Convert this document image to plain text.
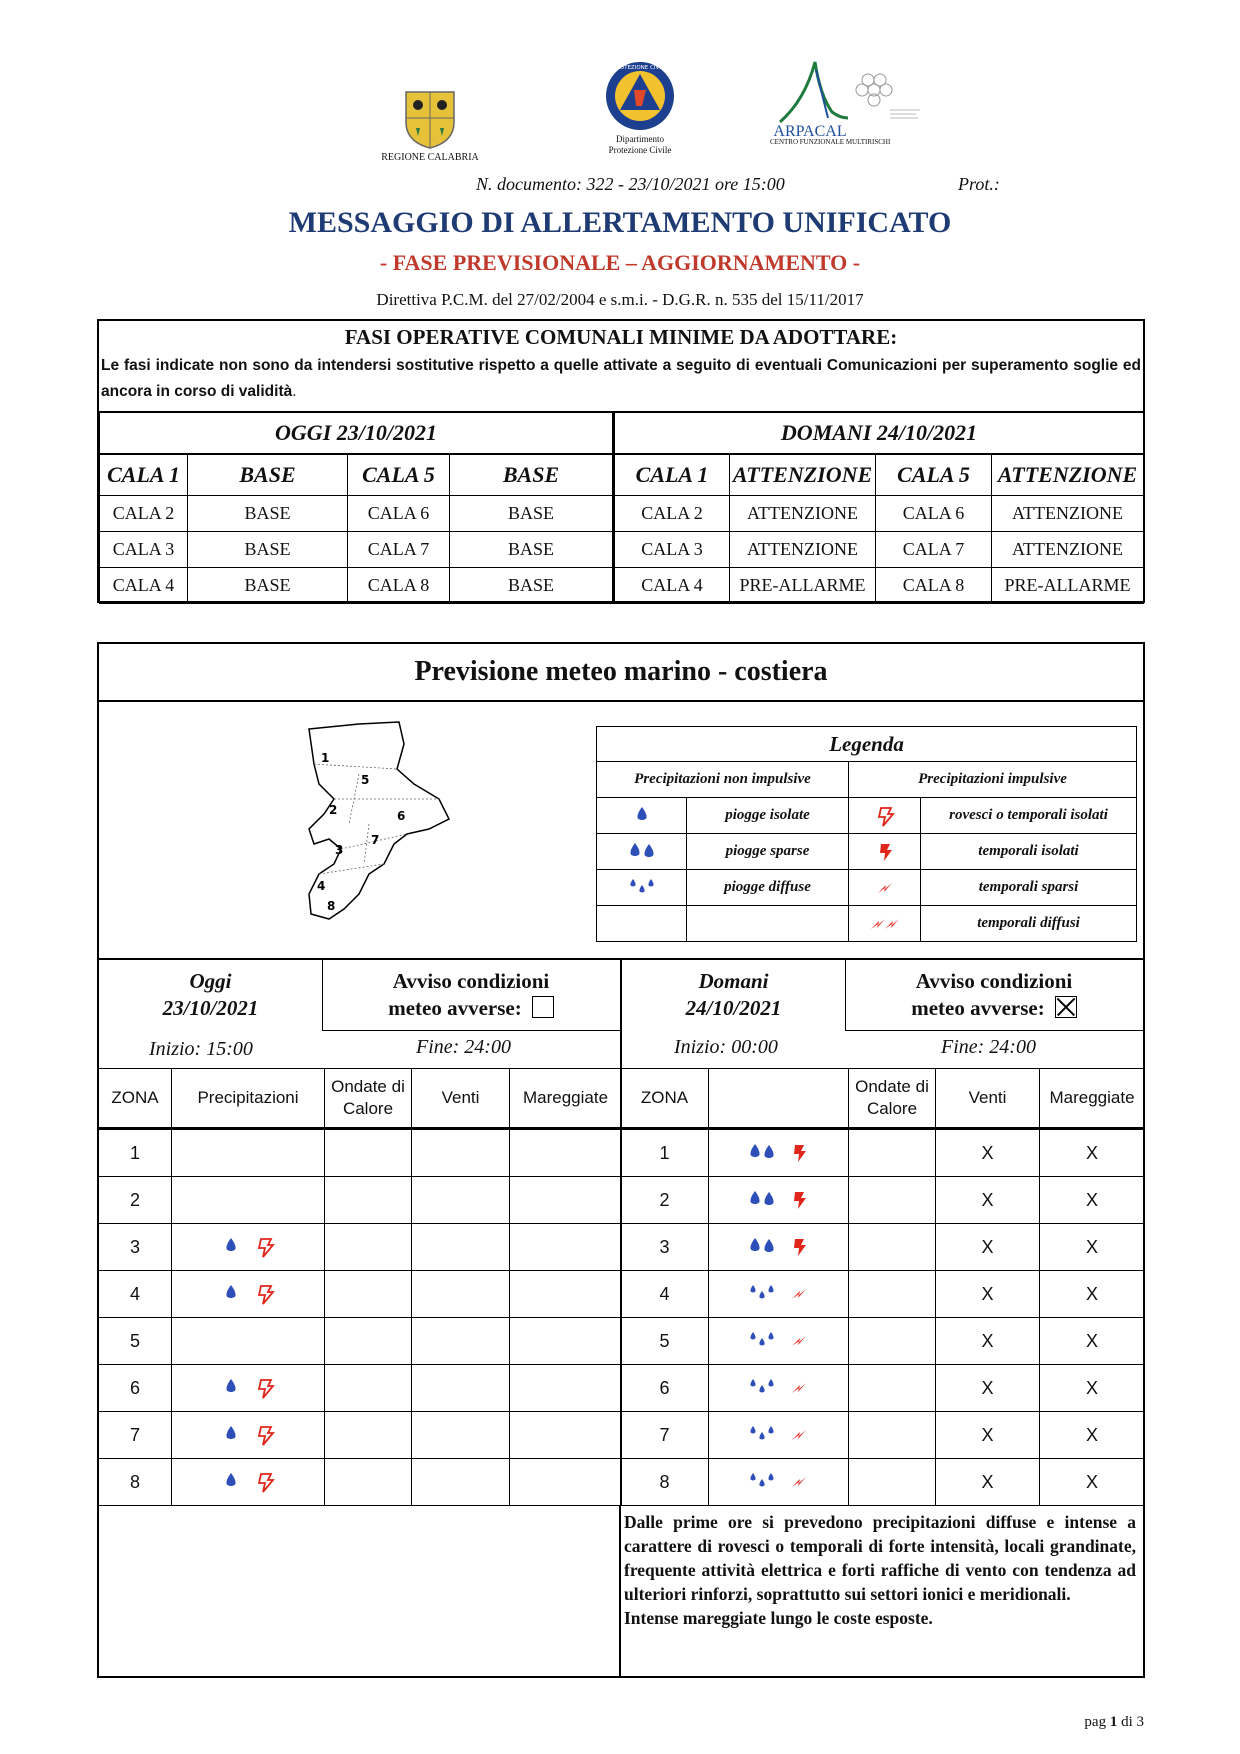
REGIONE CALABRIA
PROTEZIONE CIVILE
Dipartimento
Protezione Civile
ARPACAL
CENTRO FUNZIONALE MULTIRISCHI
N. documento: 322 - 23/10/2021 ore 15:00	Prot.:
MESSAGGIO DI ALLERTAMENTO UNIFICATO
- FASE PREVISIONALE – AGGIORNAMENTO -
Direttiva P.C.M. del 27/02/2004 e s.m.i. - D.G.R. n. 535 del 15/11/2017
FASI OPERATIVE COMUNALI MINIME DA ADOTTARE:
Le fasi indicate non sono da intendersi sostitutive rispetto a quelle attivate a seguito di eventuali Comunicazioni per superamento soglie ed ancora in corso di validità.
OGGI 23/10/2021				DOMANI 24/10/2021			
CALA 1	BASE	CALA 5	BASE	CALA 1	ATTENZIONE	CALA 5	ATTENZIONE
CALA 2	BASE	CALA 6	BASE	CALA 2	ATTENZIONE	CALA 6	ATTENZIONE
CALA 3	BASE	CALA 7	BASE	CALA 3	ATTENZIONE	CALA 7	ATTENZIONE
CALA 4	BASE	CALA 8	BASE	CALA 4	PRE-ALLARME	CALA 8	PRE-ALLARME
Previsione meteo marino - costiera
1
2
3
4
5
6
7
8
Legenda			
Precipitazioni non impulsive		Precipitazioni impulsive	
	piogge isolate		rovesci o temporali isolati
	piogge sparse		temporali isolati
	piogge diffuse		temporali sparsi
			temporali diffusi
Oggi
23/10/2021
Avviso condizioni
meteo avverse:
Inizio: 15:00	Fine: 24:00
Domani
24/10/2021
Avviso condizioni
meteo avverse:
Inizio: 00:00	Fine: 24:00
ZONA	Precipitazioni	Ondate di Calore	Venti	Mareggiate

1				
2				
3				
4				
5				
6				
7				
8				
ZONA		Ondate di Calore	Venti	Mareggiate

1			X	X
2			X	X
3			X	X
4			X	X
5			X	X
6			X	X
7			X	X
8			X	X
Dalle prime ore si prevedono precipitazioni diffuse e intense a carattere di rovesci o temporali di forte intensità, locali grandinate, frequente attività elettrica e forti raffiche di vento con tendenza ad ulteriori rinforzi, soprattutto sui settori ionici e meridionali.
Intense mareggiate lungo le coste esposte.
pag 1 di 3
